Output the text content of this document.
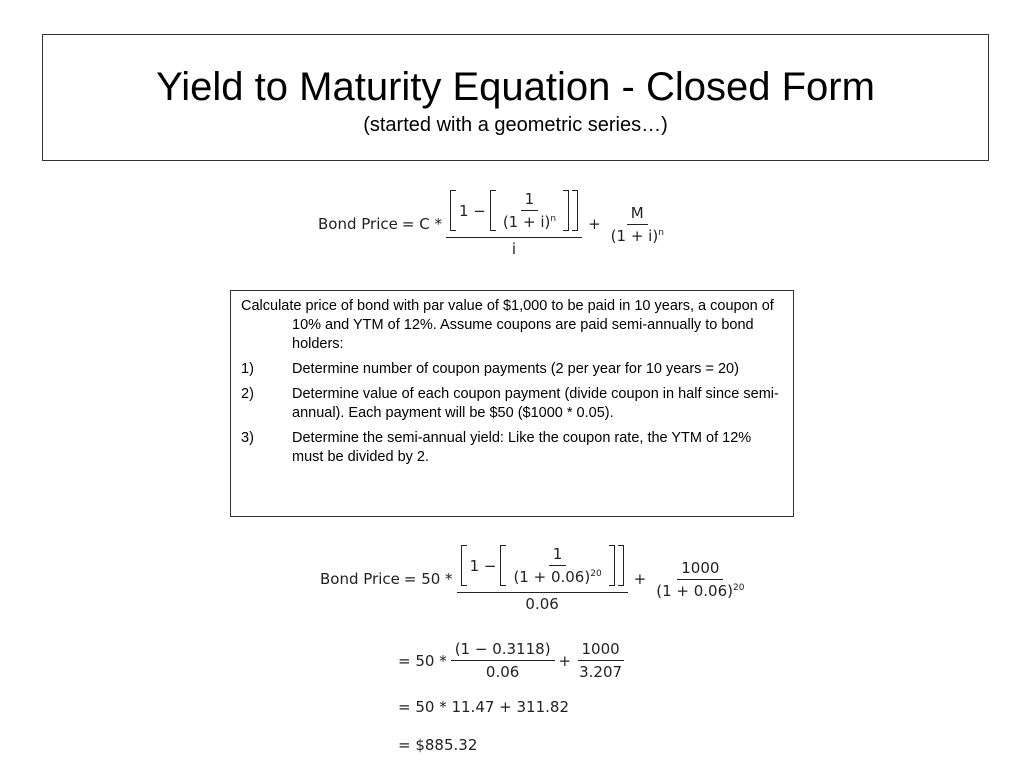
Yield to Maturity Equation - Closed Form
(started with a geometric series…)
Bond Price = C *
$1 - \frac{1}{(1 + i)^n}$
i
+ $\frac{M}{(1 + i)^n}$

Calculate price of bond with par value of $1,000 to be paid in 10 years, a coupon of 10% and YTM of 12%. Assume coupons are paid semi-annually to bond holders:

1)	Determine number of coupon payments (2 per year for 10 years = 20)
2)	Determine value of each coupon payment (divide coupon in half since semi-annual). Each payment will be $50 ($1000 * 0.05).
3)	Determine the semi-annual yield: Like the coupon rate, the YTM of 12% must be divided by 2.
Bond Price = 50 *
$1 - \frac{1}{(1 + 0.06)^{20}}$
0.06
+ $\frac{1000}{(1 + 0.06)^{20}}$
= $50 * \frac{(1 - 0.3118)}{0.06} + \frac{1000}{3.207}$
= 50 * 11.47 + 311.82
= $885.32
